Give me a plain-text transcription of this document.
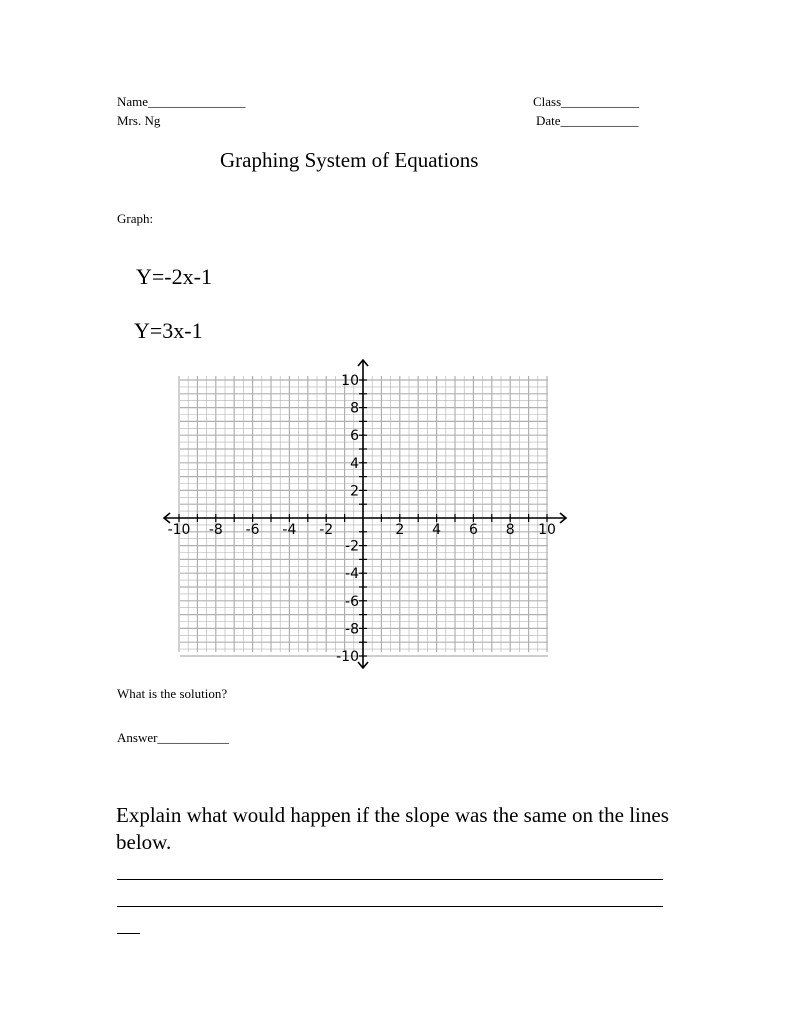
Name_______________
Mrs. Ng
Class____________
Date____________
Graphing System of Equations
Graph:
Y=-2x-1
Y=3x-1
-10 -8 -6 -4 -2	2 4 6 8 10
10
8
6
4
2
-2
-4
-6
-8
-10
What is the solution?
Answer___________
Explain what would happen if the slope was the same on the lines below.
